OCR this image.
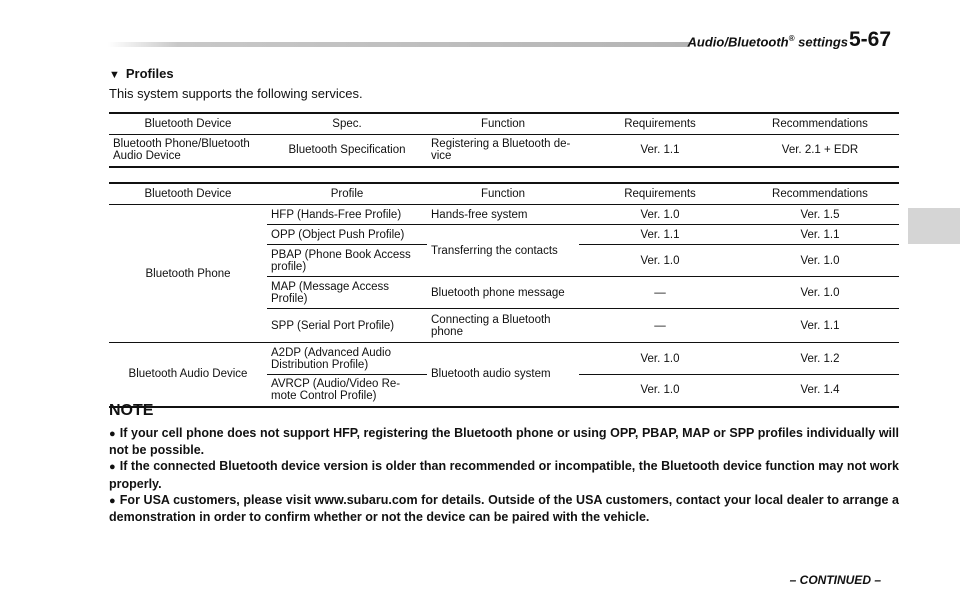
Audio/Bluetooth® settings 5-67
▼ Profiles
This system supports the following services.
Bluetooth Device	Spec.	Function	Requirements	Recommendations
Bluetooth Phone/Bluetooth Audio Device	Bluetooth Specification	Registering a Bluetooth de-vice	Ver. 1.1	Ver. 2.1 + EDR
Bluetooth Device	Profile	Function	Requirements	Recommendations
Bluetooth Phone	HFP (Hands-Free Profile)	Hands-free system	Ver. 1.0	Ver. 1.5
	OPP (Object Push Profile)	Transferring the contacts	Ver. 1.1	Ver. 1.1
	PBAP (Phone Book Access profile)		Ver. 1.0	Ver. 1.0
	MAP (Message Access Profile)	Bluetooth phone message	—	Ver. 1.0
	SPP (Serial Port Profile)	Connecting a Bluetooth phone	—	Ver. 1.1
Bluetooth Audio Device	A2DP (Advanced Audio Distribution Profile)	Bluetooth audio system	Ver. 1.0	Ver. 1.2
	AVRCP (Audio/Video Re-mote Control Profile)		Ver. 1.0	Ver. 1.4
NOTE

● If your cell phone does not support HFP, registering the Bluetooth phone or using OPP, PBAP, MAP or SPP profiles individually will not be possible.

● If the connected Bluetooth device version is older than recommended or incompatible, the Bluetooth device function may not work properly.

● For USA customers, please visit www.subaru.com for details. Outside of the USA customers, contact your local dealer to arrange a demonstration in order to confirm whether or not the device can be paired with the vehicle.

– CONTINUED –
